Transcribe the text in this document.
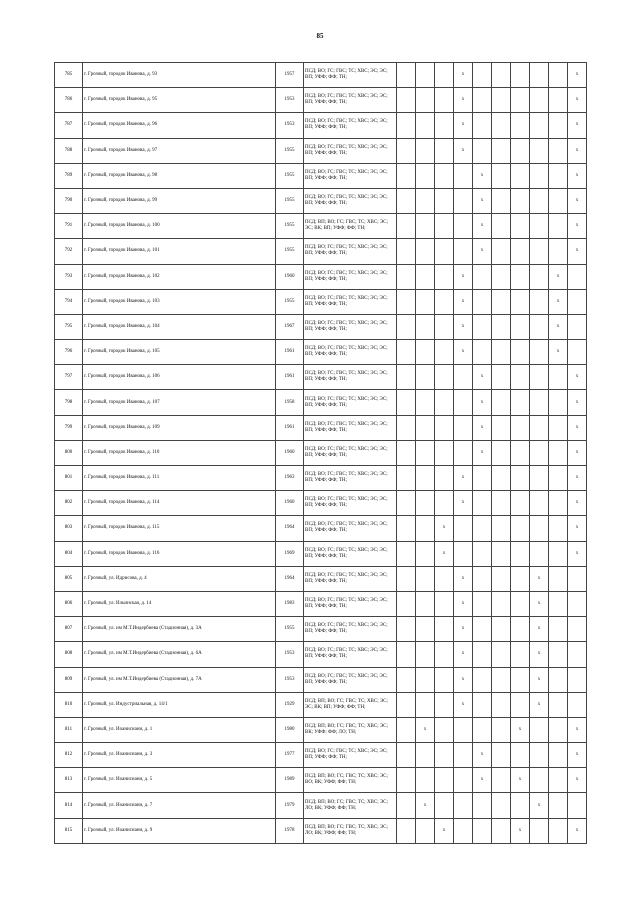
85
785	г. Грозный, городок Иванова, д. 93	1957	ПСД; ВО; ГС; ГВС; ТС; ХВС; ЭС; ЭС; ВП; УФФ; ФФ; ТН;				х						х
786	г. Грозный, городок Иванова, д. 95	1953	ПСД; ВО; ГС; ГВС; ТС; ХВС; ЭС; ЭС; ВП; УФФ; ФФ; ТН;				х						х
787	г. Грозный, городок Иванова, д. 96	1953	ПСД; ВО; ГС; ГВС; ТС; ХВС; ЭС; ЭС; ВП; УФФ; ФФ; ТН;				х						х
788	г. Грозный, городок Иванова, д. 97	1955	ПСД; ВО; ГС; ГВС; ТС; ХВС; ЭС; ЭС; ВП; УФФ; ФФ; ТН;				х						х
789	г. Грозный, городок Иванова, д. 98	1955	ПСД; ВО; ГС; ГВС; ТС; ХВС; ЭС; ЭС; ВП; УФФ; ФФ; ТН;					х					х
790	г. Грозный, городок Иванова, д. 99	1955	ПСД; ВО; ГС; ГВС; ТС; ХВС; ЭС; ЭС; ВП; УФФ; ФФ; ТН;					х					х
791	г. Грозный, городок Иванова, д. 100	1955	ПСД; ВП; ВО; ГС; ГВС; ТС; ХВС; ЭС; ЭС; ВК; ВП; УФФ; ФФ; ТН;					х					х
792	г. Грозный, городок Иванова, д. 101	1955	ПСД; ВО; ГС; ГВС; ТС; ХВС; ЭС; ЭС; ВП; УФФ; ФФ; ТН;					х					х
793	г. Грозный, городок Иванова, д. 102	1960	ПСД; ВО; ГС; ГВС; ТС; ХВС; ЭС; ЭС; ВП; УФФ; ФФ; ТН;				х					х	
794	г. Грозный, городок Иванова, д. 103	1955	ПСД; ВО; ГС; ГВС; ТС; ХВС; ЭС; ЭС; ВП; УФФ; ФФ; ТН;				х					х	
795	г. Грозный, городок Иванова, д. 104	1967	ПСД; ВО; ГС; ГВС; ТС; ХВС; ЭС; ЭС; ВП; УФФ; ФФ; ТН;				х					х	
796	г. Грозный, городок Иванова, д. 105	1961	ПСД; ВО; ГС; ГВС; ТС; ХВС; ЭС; ЭС; ВП; УФФ; ФФ; ТН;				х					х	
797	г. Грозный, городок Иванова, д. 106	1961	ПСД; ВО; ГС; ГВС; ТС; ХВС; ЭС; ЭС; ВП; УФФ; ФФ; ТН;					х					х
798	г. Грозный, городок Иванова, д. 107	1958	ПСД; ВО; ГС; ГВС; ТС; ХВС; ЭС; ЭС; ВП; УФФ; ФФ; ТН;					х					х
799	г. Грозный, городок Иванова, д. 109	1961	ПСД; ВО; ГС; ГВС; ТС; ХВС; ЭС; ЭС; ВП; УФФ; ФФ; ТН;					х					х
800	г. Грозный, городок Иванова, д. 110	1960	ПСД; ВО; ГС; ГВС; ТС; ХВС; ЭС; ЭС; ВП; УФФ; ФФ; ТН;					х					х
801	г. Грозный, городок Иванова, д. 111	1963	ПСД; ВО; ГС; ГВС; ТС; ХВС; ЭС; ЭС; ВП; УФФ; ФФ; ТН;				х						х
802	г. Грозный, городок Иванова, д. 114	1960	ПСД; ВО; ГС; ГВС; ТС; ХВС; ЭС; ЭС; ВП; УФФ; ФФ; ТН;				х						х
803	г. Грозный, городок Иванова, д. 115	1964	ПСД; ВО; ГС; ГВС; ТС; ХВС; ЭС; ЭС; ВП; УФФ; ФФ; ТН;			х							х
804	г. Грозный, городок Иванова, д. 116	1969	ПСД; ВО; ГС; ГВС; ТС; ХВС; ЭС; ЭС; ВП; УФФ; ФФ; ТН;			х							х
805	г. Грозный, ул. Идрисова, д. 4	1964	ПСД; ВО; ГС; ГВС; ТС; ХВС; ЭС; ЭС; ВП; УФФ; ФФ; ТН;				х				х		
806	г. Грозный, ул. Ильинская, д. 14	1983	ПСД; ВО; ГС; ГВС; ТС; ХВС; ЭС; ЭС; ВП; УФФ; ФФ; ТН;				х				х		
807	г. Грозный, ул. им М.Т.Индербиева (Стадионная), д. 3А	1955	ПСД; ВО; ГС; ГВС; ТС; ХВС; ЭС; ЭС; ВП; УФФ; ФФ; ТН;				х				х		
808	г. Грозный, ул. им М.Т.Индербиева (Стадионная), д. 6А	1953	ПСД; ВО; ГС; ГВС; ТС; ХВС; ЭС; ЭС; ВП; УФФ; ФФ; ТН;				х				х		
809	г. Грозный, ул. им М.Т.Индербиева (Стадионная), д. 7А	1953	ПСД; ВО; ГС; ГВС; ТС; ХВС; ЭС; ЭС; ВП; УФФ; ФФ; ТН;				х				х		
810	г. Грозный, ул. Индустриальная, д. 14/1	1929	ПСД; ВП; ВО; ГС; ГВС; ТС; ХВС; ЭС; ЭС; ВК; ВП; УФФ; ФФ; ТН;				х				х		
811	г. Грозный, ул. Иоанисиани, д. 1	1980	ПСД; ВП; ВО; ГС; ГВС; ТС; ХВС; ЭС; ВК; УФФ; ФФ; ЛО; ТН;		х					х			х
812	г. Грозный, ул. Иоанисиани, д. 3	1977	ПСД; ВО; ГС; ГВС; ТС; ХВС; ЭС; ЭС; ВП; УФФ; ФФ; ТН;					х					х
813	г. Грозный, ул. Иоанисиани, д. 5	1989	ПСД; ВП; ВО; ГС; ГВС; ТС; ХВС; ЭС; ВО; ВК; УФФ; ФФ; ТН;					х		х			х
814	г. Грозный, ул. Иоанисиани, д. 7	1979	ПСД; ВП; ВО; ГС; ГВС; ТС; ХВС; ЭС; ЛО; ВК; УФФ; ФФ; ТН;		х						х		
815	г. Грозный, ул. Иоанисиани, д. 9	1978	ПСД; ВП; ВО; ГС; ГВС; ТС; ХВС; ЭС; ЛО; ВК; УФФ; ФФ; ТН;			х				х			х
